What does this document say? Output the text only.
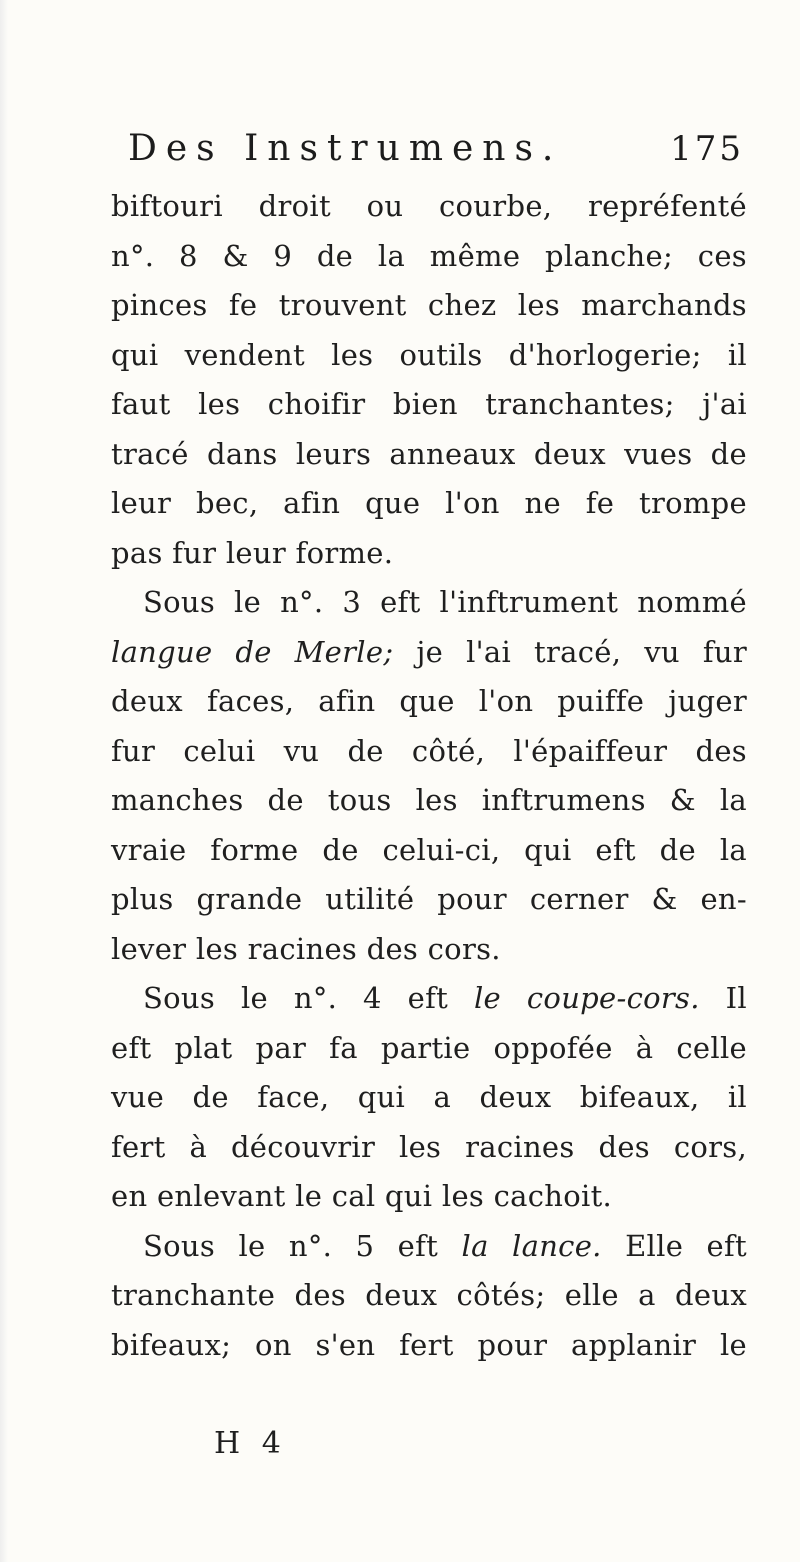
Des Instrumens.	175
biftouri droit ou courbe, repréfenté
n°. 8 & 9 de la même planche; ces
pinces fe trouvent chez les marchands
qui vendent les outils d'horlogerie; il
faut les choifir bien tranchantes; j'ai
tracé dans leurs anneaux deux vues de
leur bec, afin que l'on ne fe trompe
pas fur leur forme.
Sous le n°. 3 eft l'inftrument nommé
langue de Merle; je l'ai tracé, vu fur
deux faces, afin que l'on puiffe juger
fur celui vu de côté, l'épaiffeur des
manches de tous les inftrumens & la
vraie forme de celui-ci, qui eft de la
plus grande utilité pour cerner & en-
lever les racines des cors.
Sous le n°. 4 eft le coupe-cors. Il
eft plat par fa partie oppofée à celle
vue de face, qui a deux bifeaux, il
fert à découvrir les racines des cors,
en enlevant le cal qui les cachoit.
Sous le n°. 5 eft la lance. Elle eft
tranchante des deux côtés; elle a deux
bifeaux; on s'en fert pour applanir le
H 4
